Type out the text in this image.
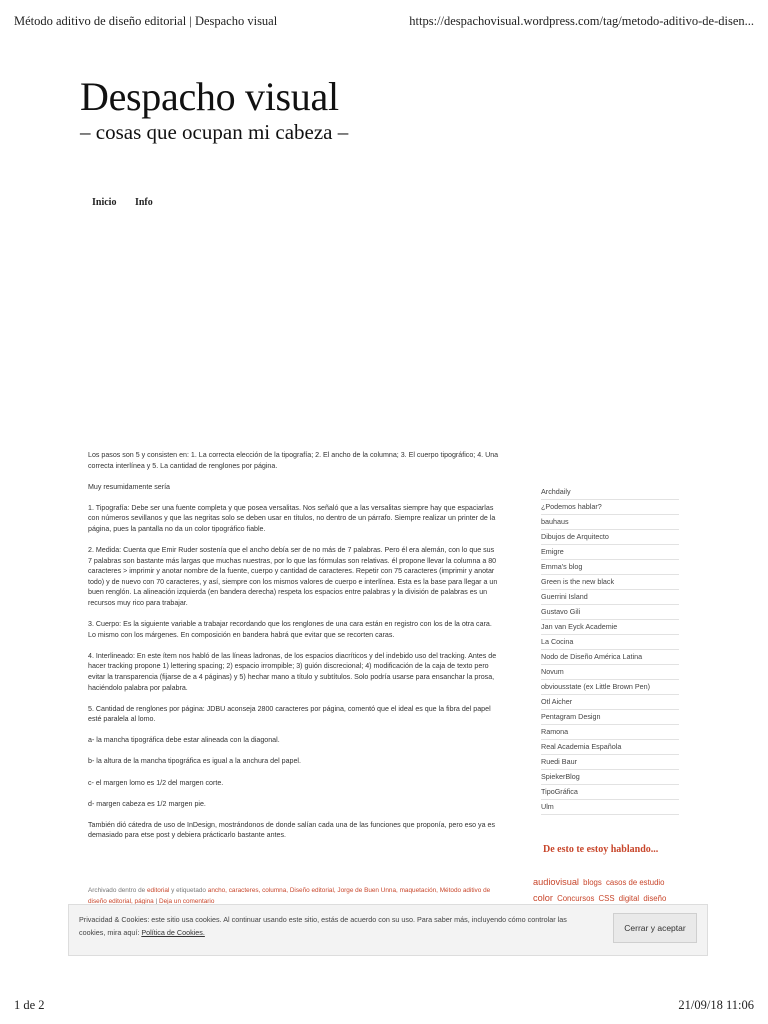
Método aditivo de diseño editorial | Despacho visual	https://despachovisual.wordpress.com/tag/metodo-aditivo-de-disen...
Despacho visual
– cosas que ocupan mi cabeza –
Inicio Info

Los pasos son 5 y consisten en: 1. La correcta elección de la tipografía; 2. El ancho de la columna; 3. El cuerpo tipográfico; 4. Una correcta interlínea y 5. La cantidad de renglones por página.

Muy resumidamente sería

1. Tipografía: Debe ser una fuente completa y que posea versalitas. Nos señaló que a las versalitas siempre hay que espaciarlas con números sevillanos y que las negritas solo se deben usar en títulos, no dentro de un párrafo. Siempre realizar un printer de la página, pues la pantalla no da un color tipográfico fiable.

2. Medida: Cuenta que Emir Ruder sostenía que el ancho debía ser de no más de 7 palabras. Pero él era alemán, con lo que sus 7 palabras son bastante más largas que muchas nuestras, por lo que las fórmulas son relativas. él propone llevar la columna a 80 caracteres > imprimir y anotar nombre de la fuente, cuerpo y cantidad de caracteres. Repetir con 75 caracteres (imprimir y anotar todo) y de nuevo con 70 caracteres, y así, siempre con los mismos valores de cuerpo e interlínea. Esta es la base para llegar a un buen renglón. La alineación izquierda (en bandera derecha) respeta los espacios entre palabras y la división de palabras es un recursos muy rico para trabajar.

3. Cuerpo: Es la siguiente variable a trabajar recordando que los renglones de una cara están en registro con los de la otra cara. Lo mismo con los márgenes. En composición en bandera habrá que evitar que se recorten caras.

4. Interlineado: En este ítem nos habló de las líneas ladronas, de los espacios diacríticos y del indebido uso del tracking. Antes de hacer tracking propone 1) lettering spacing; 2) espacio irrompible; 3) guión discrecional; 4) modificación de la caja de texto pero evitar la transparencia (fijarse de a 4 páginas) y 5) hechar mano a título y subtítulos. Solo podría usarse para ensanchar la prosa, haciéndolo palabra por palabra.

5. Cantidad de renglones por página: JDBU aconseja 2800 caracteres por página, comentó que el ideal es que la fibra del papel esté paralela al lomo.

a- la mancha tipográfica debe estar alineada con la diagonal.

b- la altura de la mancha tipográfica es igual a la anchura del papel.

c- el margen lomo es 1/2 del margen corte.

d- margen cabeza es 1/2 margen pie.

También dió cátedra de uso de InDesign, mostrándonos de donde salían cada una de las funciones que proponía, pero eso ya es demasiado para etse post y debiera prácticarlo bastante antes.

Archivado dentro de editorial y etiquetado ancho, caracteres, columna, Diseño editorial, Jorge de Buen Unna, maquetación, Método aditivo de diseño editorial, página | Deja un comentario
Archdaily
¿Podemos hablar?
bauhaus
Dibujos de Arquitecto
Emigre
Emma's blog
Green is the new black
Guerrini Island
Gustavo Gili
Jan van Eyck Academie
La Cocina
Nodo de Diseño América Latina
Novum
obviousstate (ex Little Brown Pen)
Otl Aicher
Pentagram Design
Ramona
Real Academia Española
Ruedi Baur
SpiekerBlog
TipoGráfica
Ulm
De esto te estoy hablando...
audiovisual blogs casos de estudio color Concursos CSS digital diseño
Privacidad & Cookies: este sitio usa cookies. Al continuar usando este sitio, estás de acuerdo con su uso. Para saber más, incluyendo cómo controlar las cookies, mira aquí: Política de Cookies.	Cerrar y aceptar
1 de 2	21/09/18 11:06
